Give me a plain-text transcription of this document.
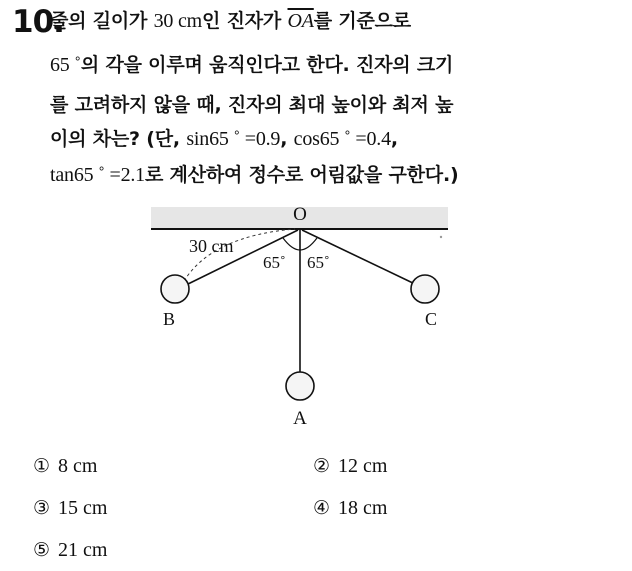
10.
줄의 길이가 30 cm인 진자가 $\overline{OA}$를 기준으로
65 ˚의 각을 이루며 움직인다고 한다. 진자의 크기
를 고려하지 않을 때, 진자의 최대 높이와 최저 높
이의 차는? (단, sin65 ˚ =0.9, cos65 ˚ =0.4,
tan65 ˚ =2.1로 계산하여 정수로 어림값을 구한다.)
O
30 cm
65˚ 65˚
B	C
A
① 8 cm	② 12 cm
③ 15 cm	④ 18 cm
⑤ 21 cm
